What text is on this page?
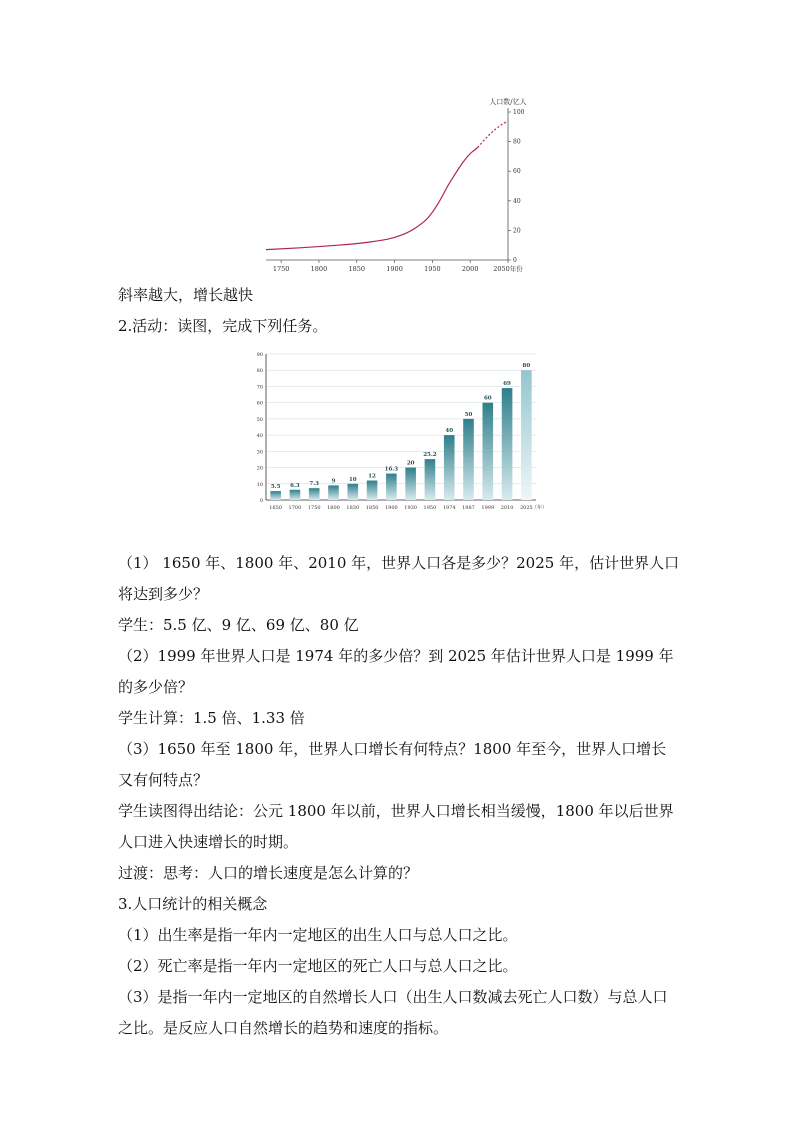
0
20
40
60
80
100
1750	1800	1850	1900	1950	2000 2050年份
人口数/亿人

斜率越大，增长越快

2.活动：读图，完成下列任务。

（1） 1650 年、1800 年、2010 年，世界人口各是多少？2025 年，估计世界人口将达到多少？

学生：5.5 亿、9 亿、69 亿、80 亿

（2）1999 年世界人口是 1974 年的多少倍？到 2025 年估计世界人口是 1999 年的多少倍？

学生计算：1.5 倍、1.33 倍

（3）1650 年至 1800 年，世界人口增长有何特点？1800 年至今，世界人口增长又有何特点？

学生读图得出结论：公元 1800 年以前，世界人口增长相当缓慢，1800 年以后世界人口进入快速增长的时期。

过渡：思考：人口的增长速度是怎么计算的？

3.人口统计的相关概念

（1）出生率是指一年内一定地区的出生人口与总人口之比。

（2）死亡率是指一年内一定地区的死亡人口与总人口之比。

（3）是指一年内一定地区的自然增长人口（出生人口数减去死亡人口数）与总人口之比。是反应人口自然增长的趋势和速度的指标。

0
10
20
30
40
50
60
70
80
90
5.5
1650
6.3
1700
7.3
1750
9
1800
10
1830
12
1850
16.3
1900
20
1930
25.2
1950
40
1974
50
1987
60
1999
69
2010
80
2025 （年）
